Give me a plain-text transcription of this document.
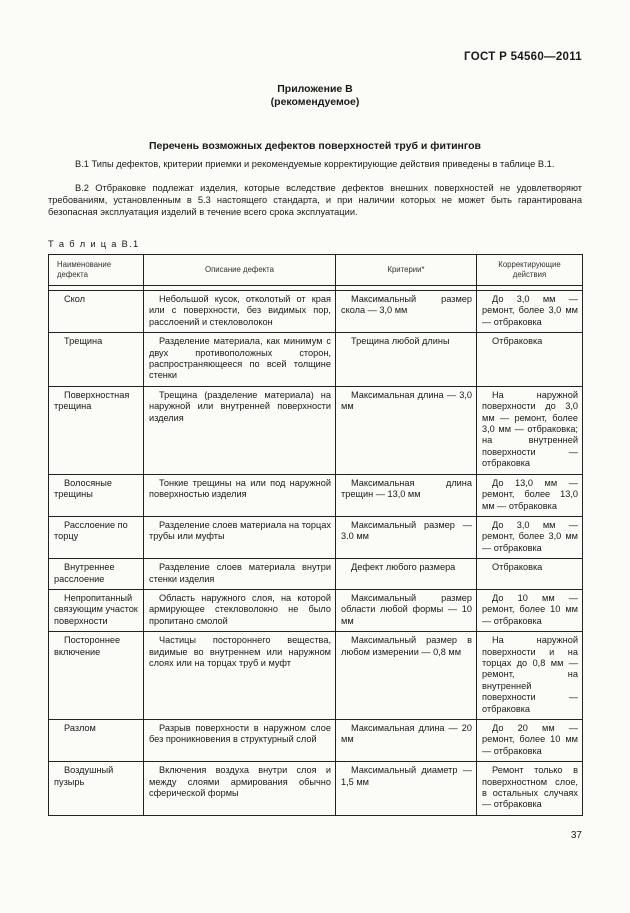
ГОСТ Р 54560—2011
Приложение В
(рекомендуемое)
Перечень возможных дефектов поверхностей труб и фитингов

В.1 Типы дефектов, критерии приемки и рекомендуемые корректирующие действия приведены в таблице В.1.

В.2 Отбраковке подлежат изделия, которые вследствие дефектов внешних поверхностей не удовлетворяют требованиям, установленным в 5.3 настоящего стандарта, и при наличии которых не может быть гарантирована безопасная эксплуатация изделий в течение всего срока эксплуатации.

Т а б л и ц а В.1
Наименование дефекта	Описание дефекта	Критерии*	Корректирующие действия

Скол	Небольшой кусок, отколотый от края или с поверхности, без видимых пор, расслоений и стекловолокон	Максимальный размер скола — 3,0 мм	До 3,0 мм — ремонт, более 3,0 мм — отбраковка
Трещина	Разделение материала, как минимум с двух противоположных сторон, распространяющееся по всей толщине стенки	Трещина любой длины	Отбраковка
Поверхностная трещина	Трещина (разделение материала) на наружной или внутренней поверхности изделия	Максимальная длина — 3,0 мм	На наружной поверхности до 3,0 мм — ремонт, более 3,0 мм — отбраковка; на внутренней поверхности — отбраковка
Волосяные трещины	Тонкие трещины на или под наружной поверхностью изделия	Максимальная длина трещин — 13,0 мм	До 13,0 мм — ремонт, более 13,0 мм — отбраковка
Расслоение по торцу	Разделение слоев материала на торцах трубы или муфты	Максимальный размер — 3.0 мм	До 3,0 мм — ремонт, более 3,0 мм — отбраковка
Внутреннее расслоение	Разделение слоев материала внутри стенки изделия	Дефект любого размера	Отбраковка
Непропитанный связующим участок поверхности	Область наружного слоя, на которой армирующее стекловолокно не было пропитано смолой	Максимальный размер области любой формы — 10 мм	До 10 мм — ремонт, более 10 мм — отбраковка
Постороннее включение	Частицы постороннего вещества, видимые во внутреннем или наружном слоях или на торцах труб и муфт	Максимальный размер в любом измерении — 0,8 мм	На наружной поверхности и на торцах до 0,8 мм — ремонт, на внутренней поверхности — отбраковка
Разлом	Разрыв поверхности в наружном слое без проникновения в структурный слой	Максимальная длина — 20 мм	До 20 мм — ремонт, более 10 мм — отбраковка
Воздушный пузырь	Включения воздуха внутри слоя и между слоями армирования обычно сферической формы	Максимальный диаметр — 1,5 мм	Ремонт только в поверхностном слое, в остальных случаях — отбраковка
37
